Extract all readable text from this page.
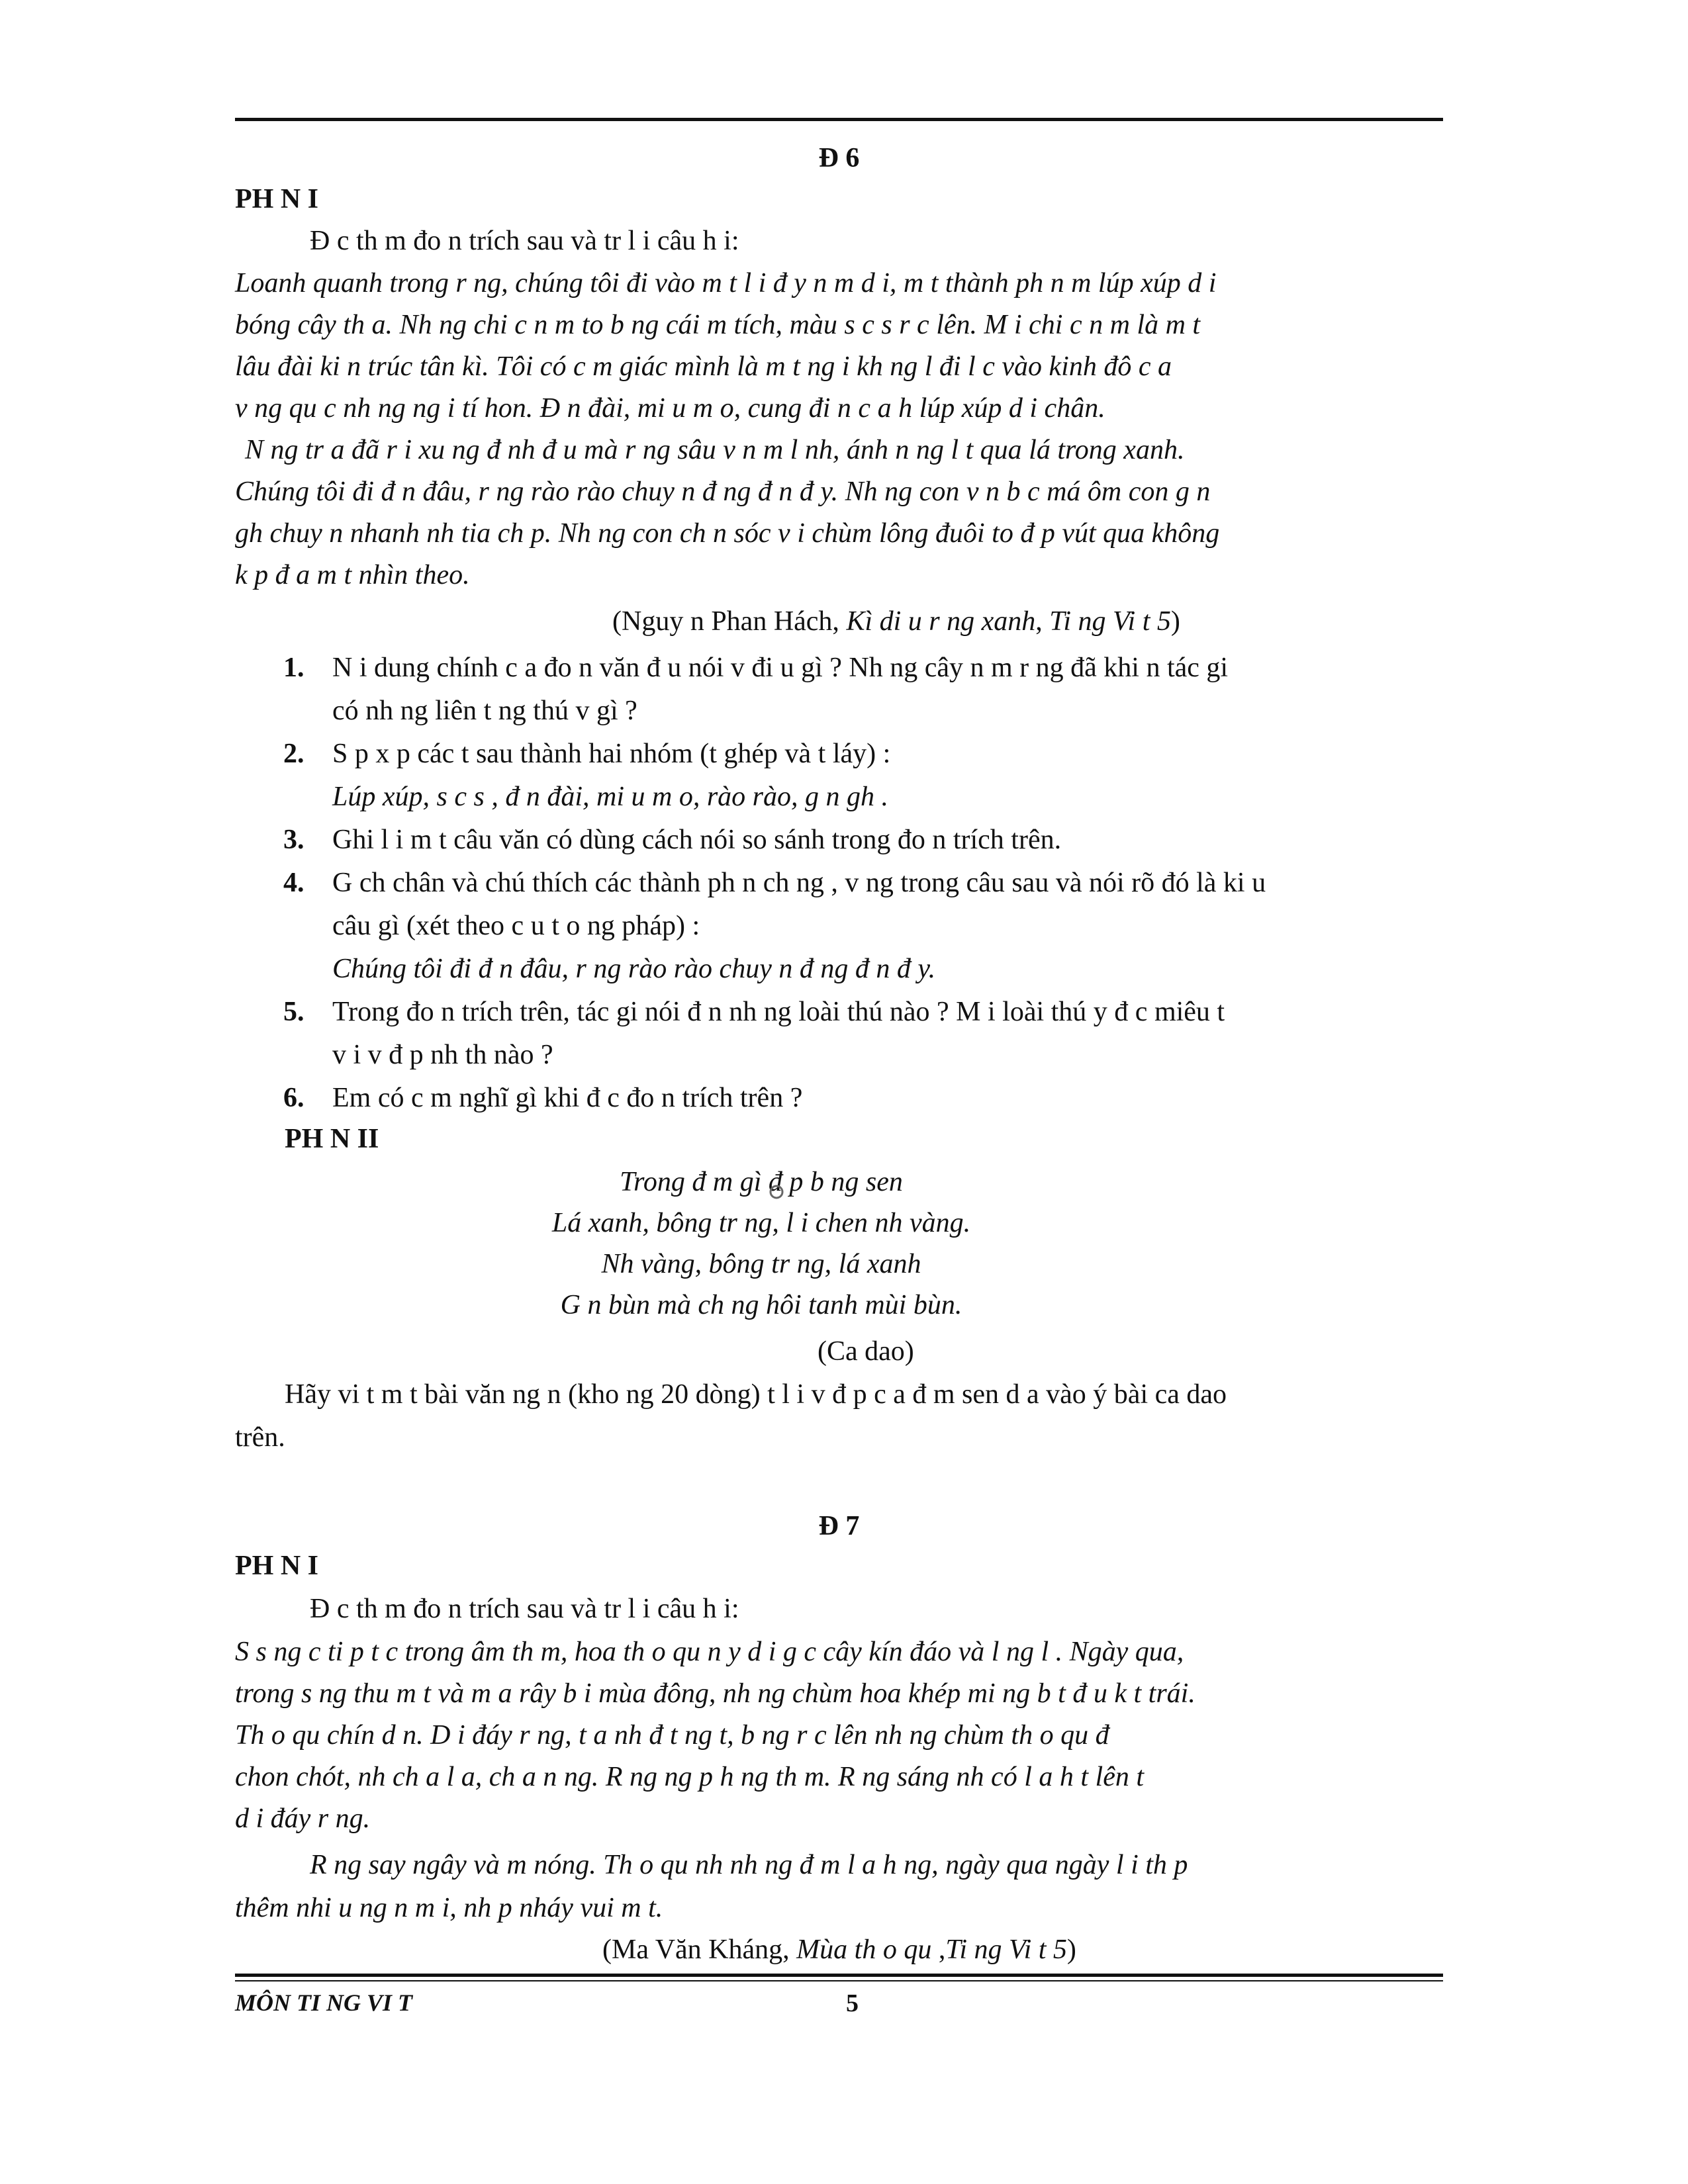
Đ 6
PH N I
Đ c th m đo n trích sau và tr l i câu h i:
Loanh quanh trong r ng, chúng tôi đi vào m t l i đ y n m d i, m t thành ph n m lúp xúp d i
bóng cây th a. Nh ng chi c n m to b ng cái m tích, màu s c s r c lên. M i chi c n m là m t
lâu đài ki n trúc tân kì. Tôi có c m giác mình là m t ng i kh ng l đi l c vào kinh đô c a
v ng qu c nh ng ng i tí hon. Đ n đài, mi u m o, cung đi n c a h lúp xúp d i chân.
N ng tr a đã r i xu ng đ nh đ u mà r ng sâu v n m l nh, ánh n ng l t qua lá trong xanh.
Chúng tôi đi đ n đâu, r ng rào rào chuy n đ ng đ n đ y. Nh ng con v n b c má ôm con g n
gh chuy n nhanh nh tia ch p. Nh ng con ch n sóc v i chùm lông đuôi to đ p vút qua không
k p đ a m t nhìn theo.
(Nguy n Phan Hách, Kì di u r ng xanh, Ti ng Vi t 5)
1. N i dung chính c a đo n văn đ u nói v đi u gì ? Nh ng cây n m r ng đã khi n tác gi
có nh ng liên t ng thú v gì ?
2. S p x p các t sau thành hai nhóm (t ghép và t láy) :
Lúp xúp, s c s , đ n đài, mi u m o, rào rào, g n gh .
3. Ghi l i m t câu văn có dùng cách nói so sánh trong đo n trích trên.
4. G ch chân và chú thích các thành ph n ch ng , v ng trong câu sau và nói rõ đó là ki u
câu gì (xét theo c u t o ng pháp) :
Chúng tôi đi đ n đâu, r ng rào rào chuy n đ ng đ n đ y.
5. Trong đo n trích trên, tác gi nói đ n nh ng loài thú nào ? M i loài thú y đ c miêu t
v i v đ p nh th nào ?
6. Em có c m nghĩ gì khi đ c đo n trích trên ?
PH N II
Trong đ m gì đ p b ng sen
Lá xanh, bông tr ng, l i chen nh vàng.
Nh vàng, bông tr ng, lá xanh
G n bùn mà ch ng hôi tanh mùi bùn.
(Ca dao)
Hãy vi t m t bài văn ng n (kho ng 20 dòng) t l i v đ p c a đ m sen d a vào ý bài ca dao
trên.
Đ 7
PH N I
Đ c th m đo n trích sau và tr l i câu h i:
S s ng c ti p t c trong âm th m, hoa th o qu n y d i g c cây kín đáo và l ng l . Ngày qua,
trong s ng thu m t và m a rây b i mùa đông, nh ng chùm hoa khép mi ng b t đ u k t trái.
Th o qu chín d n. D i đáy r ng, t a nh đ t ng t, b ng r c lên nh ng chùm th o qu đ
chon chót, nh ch a l a, ch a n ng. R ng ng p h ng th m. R ng sáng nh có l a h t lên t
d i đáy r ng.
R ng say ngây và m nóng. Th o qu nh nh ng đ m l a h ng, ngày qua ngày l i th p
thêm nhi u ng n m i, nh p nháy vui m t.
(Ma Văn Kháng, Mùa th o qu ,Ti ng Vi t 5)
MÔN TI NG VI T	5
